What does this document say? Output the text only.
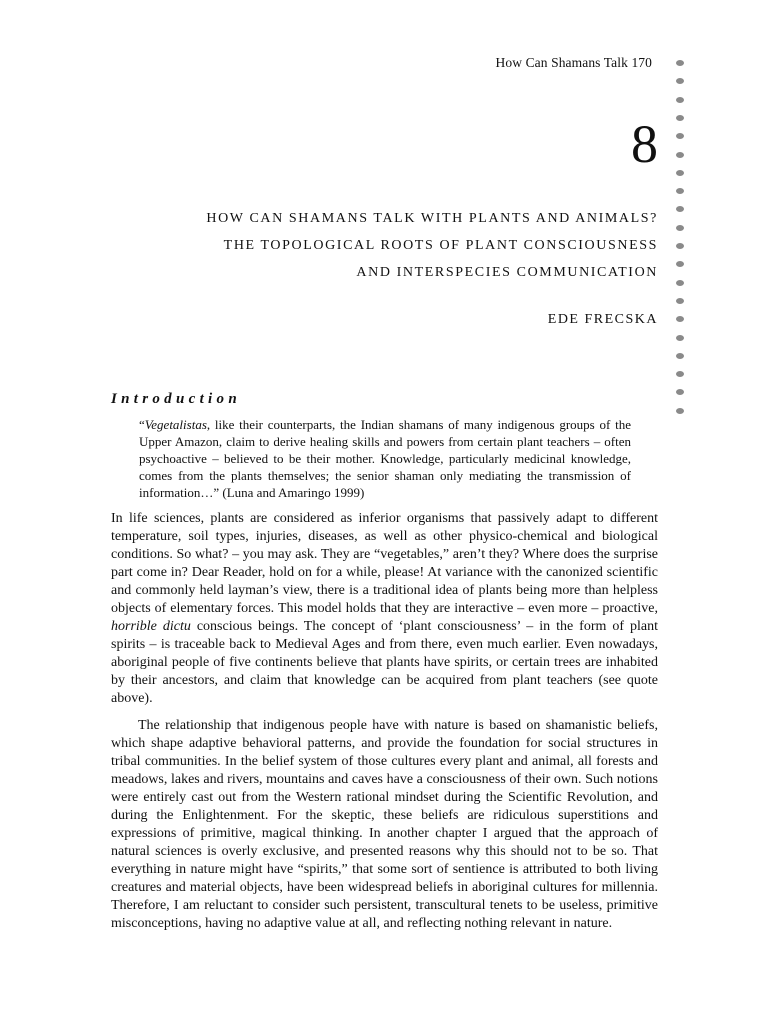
How Can Shamans Talk 170
8
HOW CAN SHAMANS TALK WITH PLANTS AND ANIMALS?
THE TOPOLOGICAL ROOTS OF PLANT CONSCIOUSNESS
AND INTERSPECIES COMMUNICATION
EDE FRECSKA
Introduction
“Vegetalistas, like their counterparts, the Indian shamans of many indigenous groups of the Upper Amazon, claim to derive healing skills and powers from certain plant teachers – often psychoactive – believed to be their mother. Knowledge, particularly medicinal knowledge, comes from the plants themselves; the senior shaman only mediating the transmission of information…” (Luna and Amaringo 1999)

In life sciences, plants are considered as inferior organisms that passively adapt to different temperature, soil types, injuries, diseases, as well as other physico-chemical and biological conditions. So what? – you may ask. They are “vegetables,” aren’t they? Where does the surprise part come in? Dear Reader, hold on for a while, please! At variance with the canonized scientific and commonly held layman’s view, there is a traditional idea of plants being more than helpless objects of elementary forces. This model holds that they are interactive – even more – proactive, horrible dictu conscious beings. The concept of ‘plant consciousness’ – in the form of plant spirits – is traceable back to Medieval Ages and from there, even much earlier. Even nowadays, aboriginal people of five continents believe that plants have spirits, or certain trees are inhabited by their ancestors, and claim that knowledge can be acquired from plant teachers (see quote above).

The relationship that indigenous people have with nature is based on shamanistic beliefs, which shape adaptive behavioral patterns, and provide the foundation for social structures in tribal communities. In the belief system of those cultures every plant and animal, all forests and meadows, lakes and rivers, mountains and caves have a consciousness of their own. Such notions were entirely cast out from the Western rational mindset during the Scientific Revolution, and during the Enlightenment. For the skeptic, these beliefs are ridiculous superstitions and expressions of primitive, magical thinking. In another chapter I argued that the approach of natural sciences is overly exclusive, and presented reasons why this should not to be so. That everything in nature might have “spirits,” that some sort of sentience is attributed to both living creatures and material objects, have been widespread beliefs in aboriginal cultures for millennia. Therefore, I am reluctant to consider such persistent, transcultural tenets to be useless, primitive misconceptions, having no adaptive value at all, and reflecting nothing relevant in nature.
